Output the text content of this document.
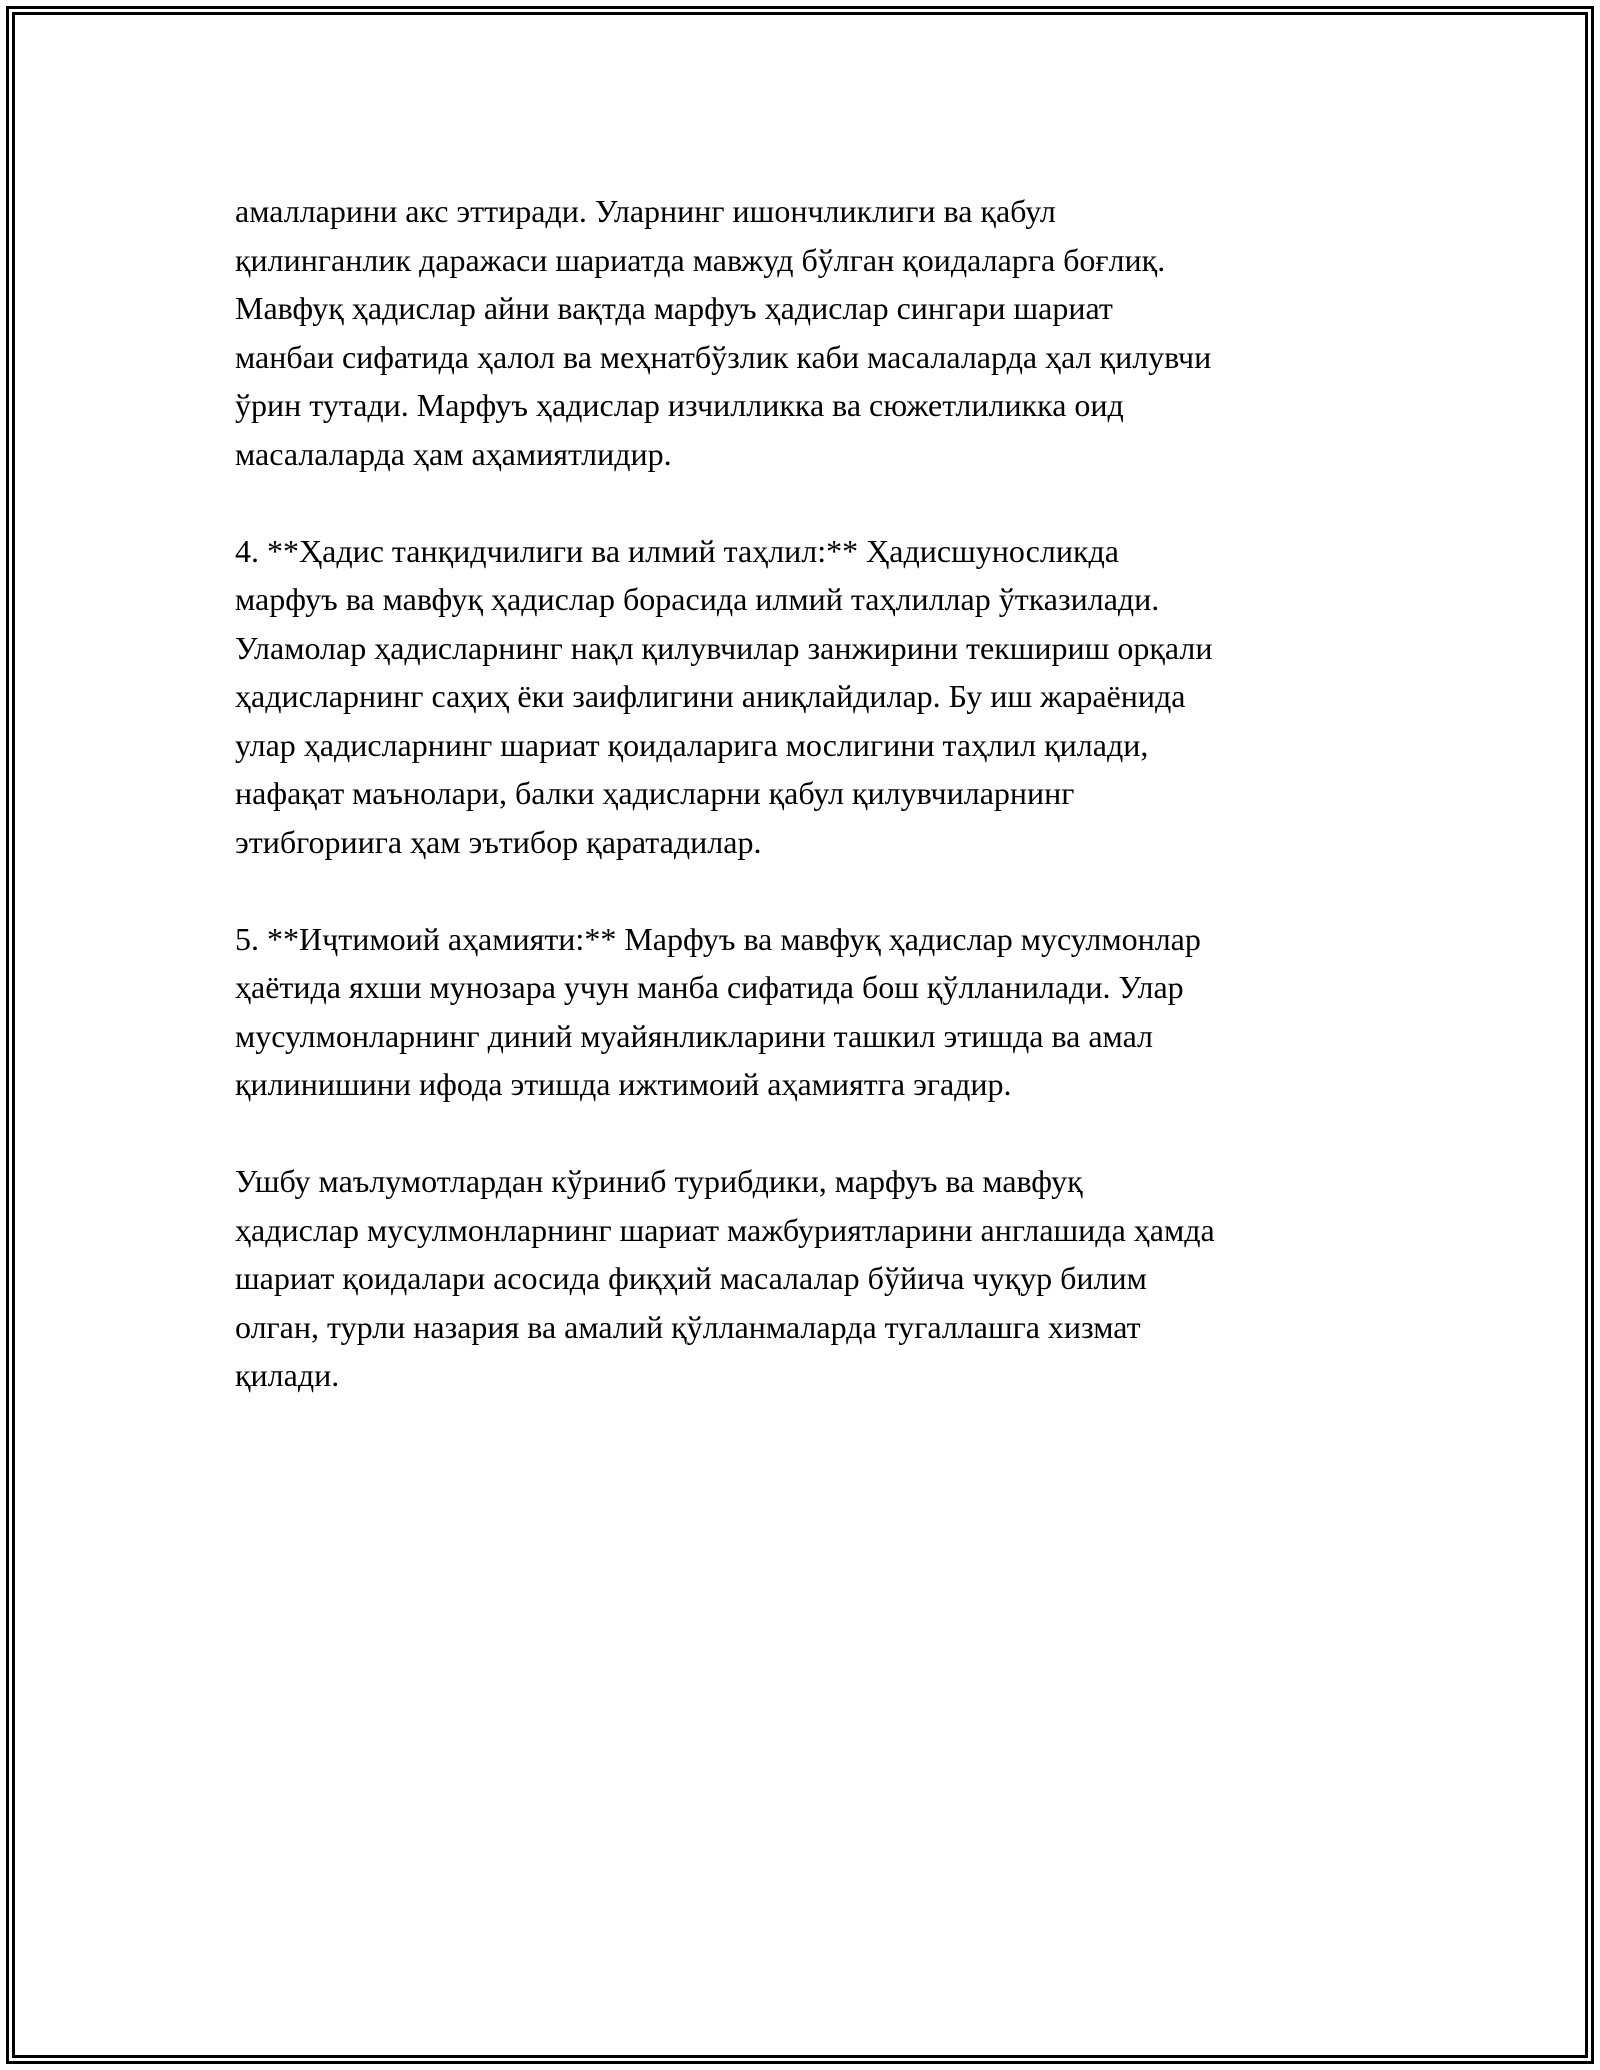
амалларини акс эттиради. Уларнинг ишончликлиги ва қабул
қилинганлик даражаси шариатда мавжуд бўлган қоидаларга боғлиқ.
Мавфуқ ҳадислар айни вақтда марфуъ ҳадислар сингари шариат
манбаи сифатида ҳалол ва меҳнатбўзлик каби масалаларда ҳал қилувчи
ўрин тутади. Марфуъ ҳадислар изчилликка ва сюжетлиликка оид
масалаларда ҳам аҳамиятлидир.

4. **Ҳадис танқидчилиги ва илмий таҳлил:** Ҳадисшуносликда
марфуъ ва мавфуқ ҳадислар борасида илмий таҳлиллар ўтказилади.
Уламолар ҳадисларнинг нақл қилувчилар занжирини текшириш орқали
ҳадисларнинг саҳиҳ ёки заифлигини аниқлайдилар. Бу иш жараёнида
улар ҳадисларнинг шариат қоидаларига мослигини таҳлил қилади,
нафақат маънолари, балки ҳадисларни қабул қилувчиларнинг
этибгориига ҳам эътибор қаратадилар.

5. **Иҷтимоий аҳамияти:** Марфуъ ва мавфуқ ҳадислар мусулмонлар
ҳаётида яхши мунозара учун манба сифатида бош қўлланилади. Улар
мусулмонларнинг диний муайянликларини ташкил этишда ва амал
қилинишини ифода этишда ижтимоий аҳамиятга эгадир.

Ушбу маълумотлардан кўриниб турибдики, марфуъ ва мавфуқ
ҳадислар мусулмонларнинг шариат мажбуриятларини англашида ҳамда
шариат қоидалари асосида фиқҳий масалалар бўйича чуқур билим
олган, турли назария ва амалий қўлланмаларда тугаллашга хизмат
қилади.
